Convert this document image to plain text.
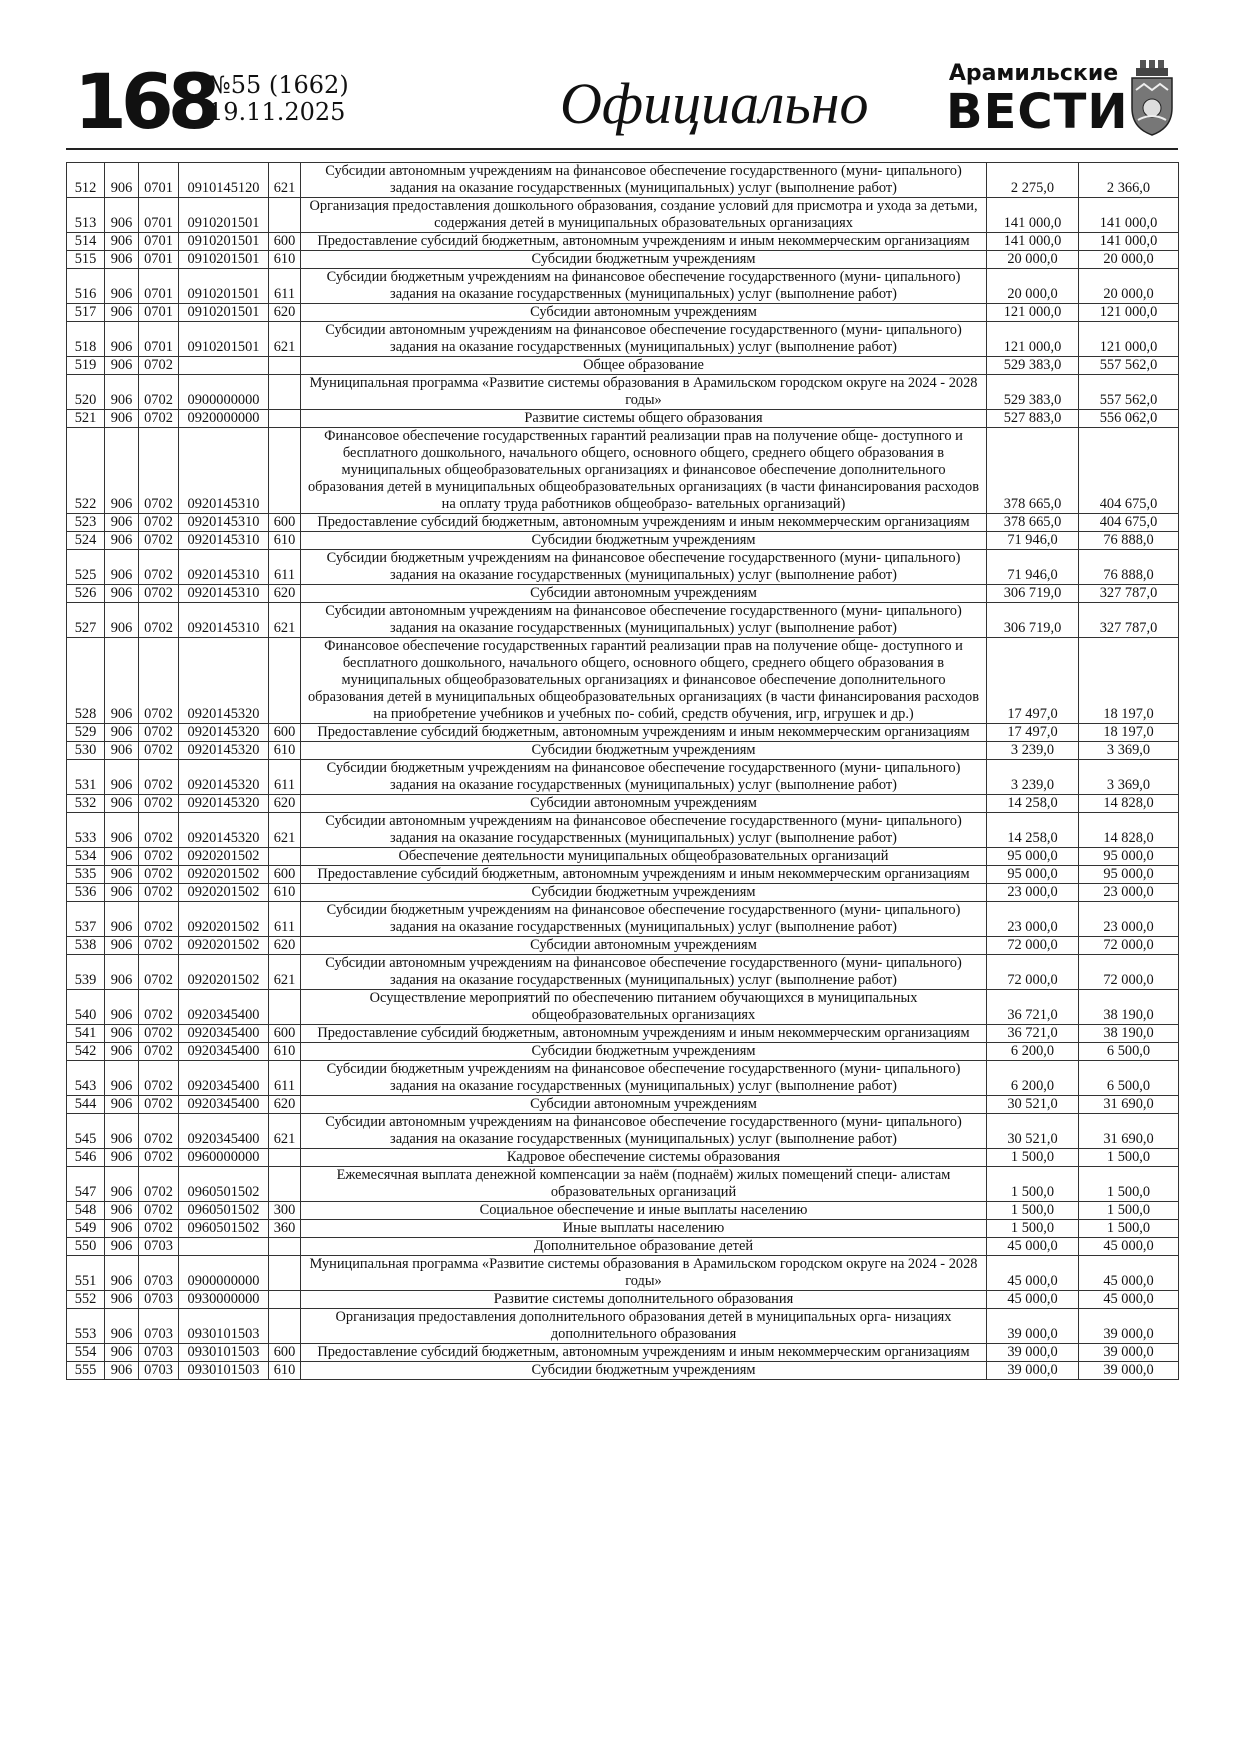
168
№55 (1662)
19.11.2025	Официально	Арамильские
ВЕСТИ
512	906	0701	0910145120	621	Субсидии автономным учреждениям на финансовое обеспечение государственного (муни- ципального) задания на оказание государственных (муниципальных) услуг (выполнение работ)	2 275,0	2 366,0
513	906	0701	0910201501		Организация предоставления дошкольного образования, создание условий для присмотра и ухода за детьми, содержания детей в муниципальных образовательных организациях	141 000,0	141 000,0
514	906	0701	0910201501	600	Предоставление субсидий бюджетным, автономным учреждениям и иным некоммерческим организациям	141 000,0	141 000,0
515	906	0701	0910201501	610	Субсидии бюджетным учреждениям	20 000,0	20 000,0
516	906	0701	0910201501	611	Субсидии бюджетным учреждениям на финансовое обеспечение государственного (муни- ципального) задания на оказание государственных (муниципальных) услуг (выполнение работ)	20 000,0	20 000,0
517	906	0701	0910201501	620	Субсидии автономным учреждениям	121 000,0	121 000,0
518	906	0701	0910201501	621	Субсидии автономным учреждениям на финансовое обеспечение государственного (муни- ципального) задания на оказание государственных (муниципальных) услуг (выполнение работ)	121 000,0	121 000,0
519	906	0702			Общее образование	529 383,0	557 562,0
520	906	0702	0900000000		Муниципальная программа «Развитие системы образования в Арамильском городском округе на 2024 - 2028 годы»	529 383,0	557 562,0
521	906	0702	0920000000		Развитие системы общего образования	527 883,0	556 062,0
522	906	0702	0920145310		Финансовое обеспечение государственных гарантий реализации прав на получение обще- доступного и бесплатного дошкольного, начального общего, основного общего, среднего общего образования в муниципальных общеобразовательных организациях и финансовое обеспечение дополнительного образования детей в муниципальных общеобразовательных организациях (в части финансирования расходов на оплату труда работников общеобразо- вательных организаций)	378 665,0	404 675,0
523	906	0702	0920145310	600	Предоставление субсидий бюджетным, автономным учреждениям и иным некоммерческим организациям	378 665,0	404 675,0
524	906	0702	0920145310	610	Субсидии бюджетным учреждениям	71 946,0	76 888,0
525	906	0702	0920145310	611	Субсидии бюджетным учреждениям на финансовое обеспечение государственного (муни- ципального) задания на оказание государственных (муниципальных) услуг (выполнение работ)	71 946,0	76 888,0
526	906	0702	0920145310	620	Субсидии автономным учреждениям	306 719,0	327 787,0
527	906	0702	0920145310	621	Субсидии автономным учреждениям на финансовое обеспечение государственного (муни- ципального) задания на оказание государственных (муниципальных) услуг (выполнение работ)	306 719,0	327 787,0
528	906	0702	0920145320		Финансовое обеспечение государственных гарантий реализации прав на получение обще- доступного и бесплатного дошкольного, начального общего, основного общего, среднего общего образования в муниципальных общеобразовательных организациях и финансовое обеспечение дополнительного образования детей в муниципальных общеобразовательных организациях (в части финансирования расходов на приобретение учебников и учебных по- собий, средств обучения, игр, игрушек и др.)	17 497,0	18 197,0
529	906	0702	0920145320	600	Предоставление субсидий бюджетным, автономным учреждениям и иным некоммерческим организациям	17 497,0	18 197,0
530	906	0702	0920145320	610	Субсидии бюджетным учреждениям	3 239,0	3 369,0
531	906	0702	0920145320	611	Субсидии бюджетным учреждениям на финансовое обеспечение государственного (муни- ципального) задания на оказание государственных (муниципальных) услуг (выполнение работ)	3 239,0	3 369,0
532	906	0702	0920145320	620	Субсидии автономным учреждениям	14 258,0	14 828,0
533	906	0702	0920145320	621	Субсидии автономным учреждениям на финансовое обеспечение государственного (муни- ципального) задания на оказание государственных (муниципальных) услуг (выполнение работ)	14 258,0	14 828,0
534	906	0702	0920201502		Обеспечение деятельности муниципальных общеобразовательных организаций	95 000,0	95 000,0
535	906	0702	0920201502	600	Предоставление субсидий бюджетным, автономным учреждениям и иным некоммерческим организациям	95 000,0	95 000,0
536	906	0702	0920201502	610	Субсидии бюджетным учреждениям	23 000,0	23 000,0
537	906	0702	0920201502	611	Субсидии бюджетным учреждениям на финансовое обеспечение государственного (муни- ципального) задания на оказание государственных (муниципальных) услуг (выполнение работ)	23 000,0	23 000,0
538	906	0702	0920201502	620	Субсидии автономным учреждениям	72 000,0	72 000,0
539	906	0702	0920201502	621	Субсидии автономным учреждениям на финансовое обеспечение государственного (муни- ципального) задания на оказание государственных (муниципальных) услуг (выполнение работ)	72 000,0	72 000,0
540	906	0702	0920345400		Осуществление мероприятий по обеспечению питанием обучающихся в муниципальных общеобразовательных организациях	36 721,0	38 190,0
541	906	0702	0920345400	600	Предоставление субсидий бюджетным, автономным учреждениям и иным некоммерческим организациям	36 721,0	38 190,0
542	906	0702	0920345400	610	Субсидии бюджетным учреждениям	6 200,0	6 500,0
543	906	0702	0920345400	611	Субсидии бюджетным учреждениям на финансовое обеспечение государственного (муни- ципального) задания на оказание государственных (муниципальных) услуг (выполнение работ)	6 200,0	6 500,0
544	906	0702	0920345400	620	Субсидии автономным учреждениям	30 521,0	31 690,0
545	906	0702	0920345400	621	Субсидии автономным учреждениям на финансовое обеспечение государственного (муни- ципального) задания на оказание государственных (муниципальных) услуг (выполнение работ)	30 521,0	31 690,0
546	906	0702	0960000000		Кадровое обеспечение системы образования	1 500,0	1 500,0
547	906	0702	0960501502		Ежемесячная выплата денежной компенсации за наём (поднаём) жилых помещений специ- алистам образовательных организаций	1 500,0	1 500,0
548	906	0702	0960501502	300	Социальное обеспечение и иные выплаты населению	1 500,0	1 500,0
549	906	0702	0960501502	360	Иные выплаты населению	1 500,0	1 500,0
550	906	0703			Дополнительное образование детей	45 000,0	45 000,0
551	906	0703	0900000000		Муниципальная программа «Развитие системы образования в Арамильском городском округе на 2024 - 2028 годы»	45 000,0	45 000,0
552	906	0703	0930000000		Развитие системы дополнительного образования	45 000,0	45 000,0
553	906	0703	0930101503		Организация предоставления дополнительного образования детей в муниципальных орга- низациях дополнительного образования	39 000,0	39 000,0
554	906	0703	0930101503	600	Предоставление субсидий бюджетным, автономным учреждениям и иным некоммерческим организациям	39 000,0	39 000,0
555	906	0703	0930101503	610	Субсидии бюджетным учреждениям	39 000,0	39 000,0
